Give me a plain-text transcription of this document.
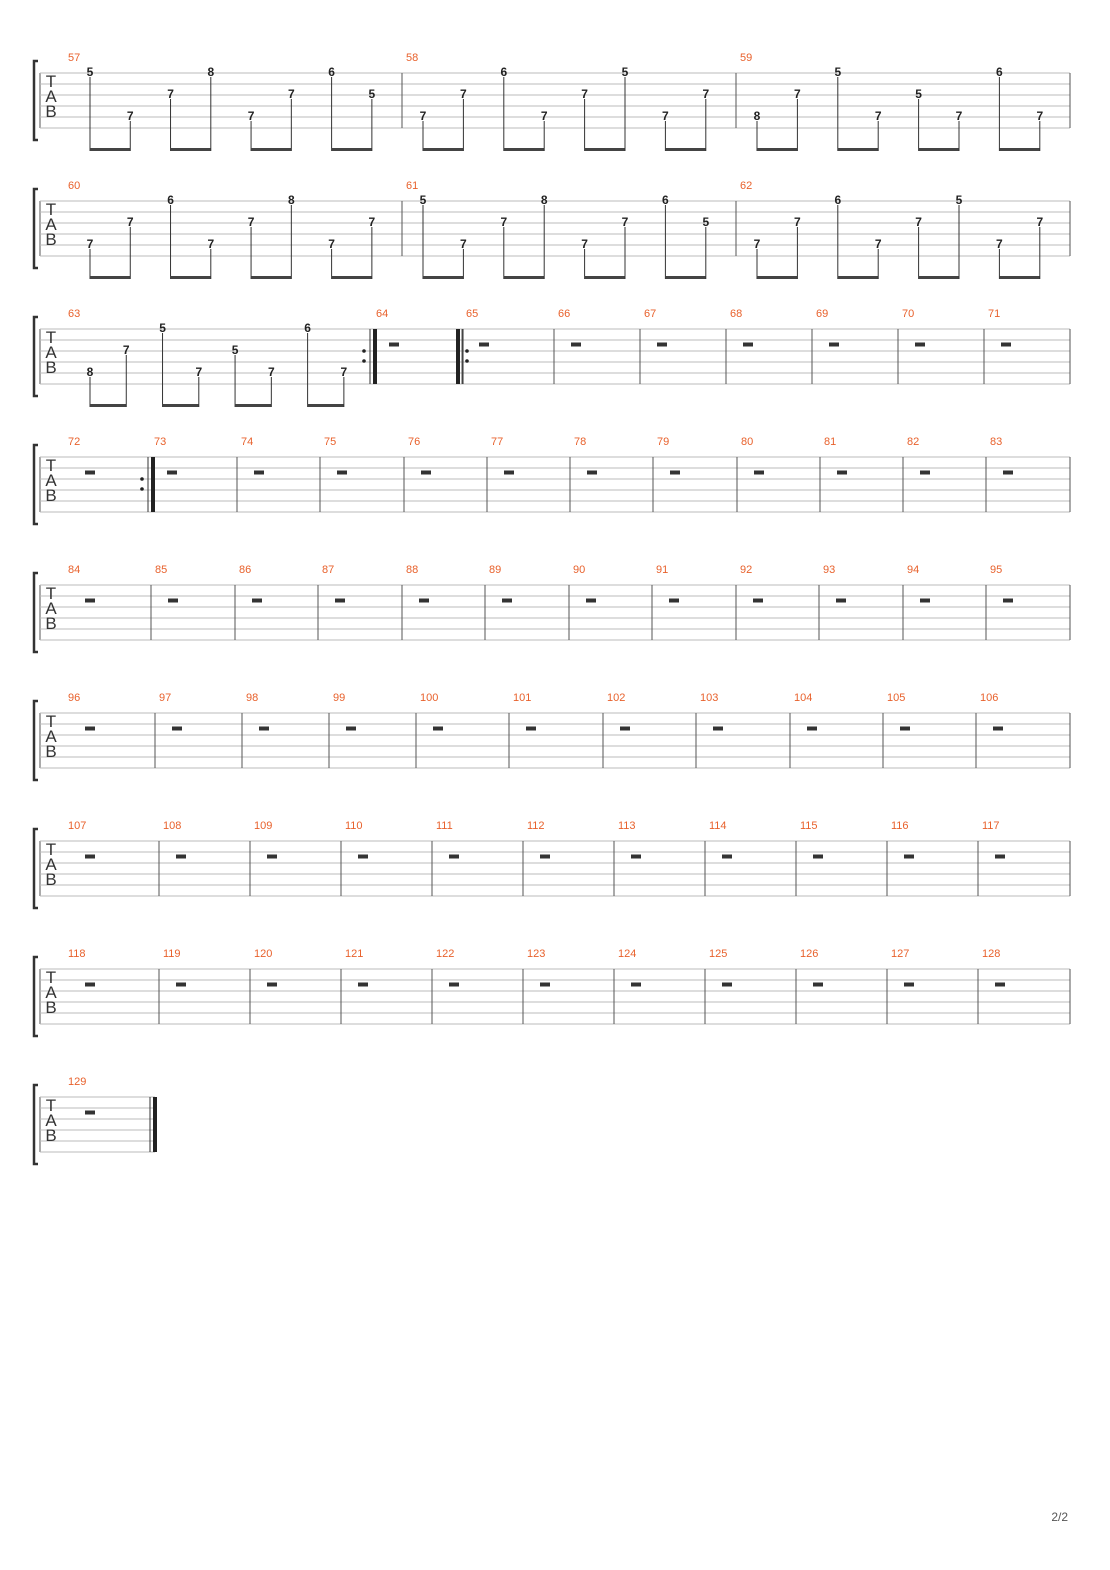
T
A
B
57
5
7
7
8
7
7
6
5
58
7
7
6
7
7
5
7
7
59
8
7
5
7
5
7
6
7
T
A
B
60
7
7
6
7
7
8
7
7
61
5
7
7
8
7
7
6
5
62
7
7
6
7
7
5
7
7
T
A
B
63
8
7
5
7
5
7
6
7
64	65	66	67	68	69	70	71
T
A
B
72	73	74	75	76	77	78	79	80	81	82	83
T
A
B
84	85	86	87	88	89	90	91	92	93	94	95
T
A
B
96	97	98	99	100	101	102	103	104	105	106
T
A
B
107	108	109	110	111	112	113	114	115	116	117
T
A
B
118	119	120	121	122	123	124	125	126	127	128
T
A
B
129
2/2
